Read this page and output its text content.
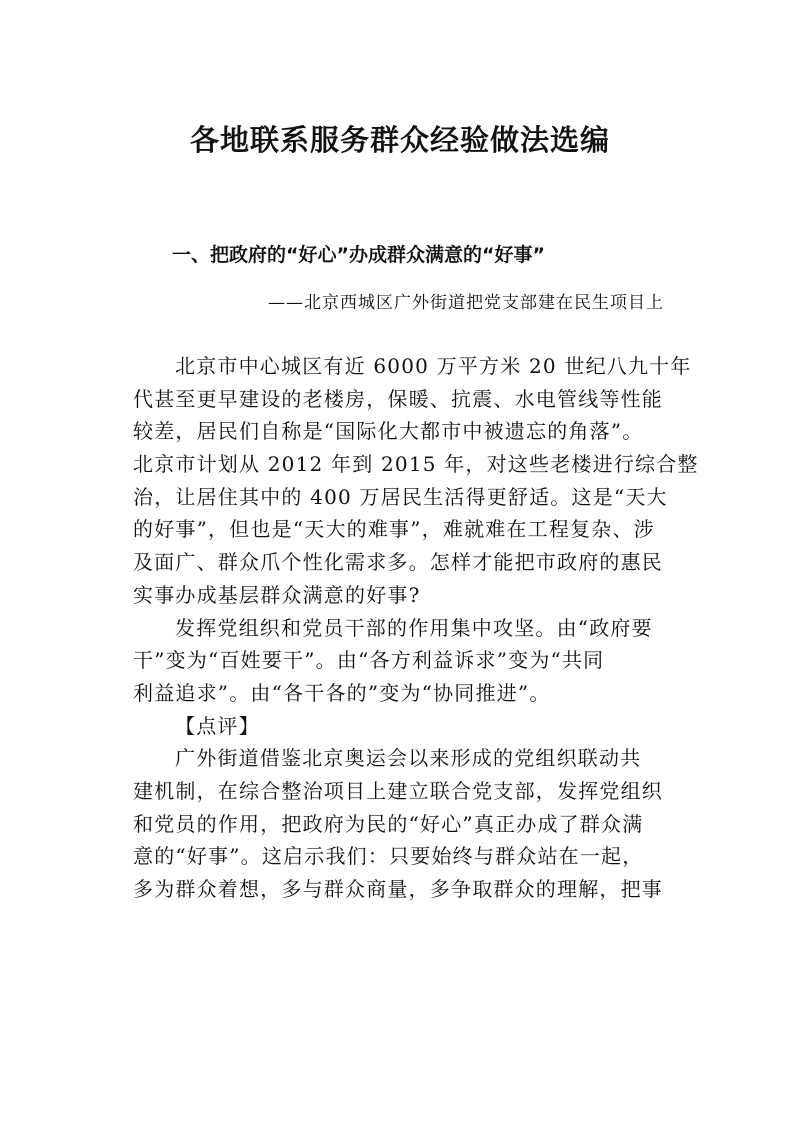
各地联系服务群众经验做法选编
一、把政府的“好心”办成群众满意的“好事”
——北京西城区广外街道把党支部建在民生项目上
北京市中心城区有近 6000 万平方米 20 世纪八九十年
代甚至更早建设的老楼房，保暖、抗震、水电管线等性能
较差，居民们自称是“国际化大都市中被遗忘的角落”。
北京市计划从 2012 年到 2015 年，对这些老楼进行综合整
治，让居住其中的 400 万居民生活得更舒适。这是“天大
的好事”，但也是“天大的难事”，难就难在工程复杂、涉
及面广、群众爪个性化需求多。怎样才能把市政府的惠民
实事办成基层群众满意的好事?
发挥党组织和党员干部的作用集中攻坚。由“政府要
干”变为“百姓要干”。由“各方利益诉求”变为“共同
利益追求”。由“各干各的”变为“协同推进”。
【点评】
广外街道借鉴北京奥运会以来形成的党组织联动共
建机制，在综合整治项目上建立联合党支部，发挥党组织
和党员的作用，把政府为民的“好心”真正办成了群众满
意的“好事”。这启示我们：只要始终与群众站在一起，
多为群众着想，多与群众商量，多争取群众的理解，把事
